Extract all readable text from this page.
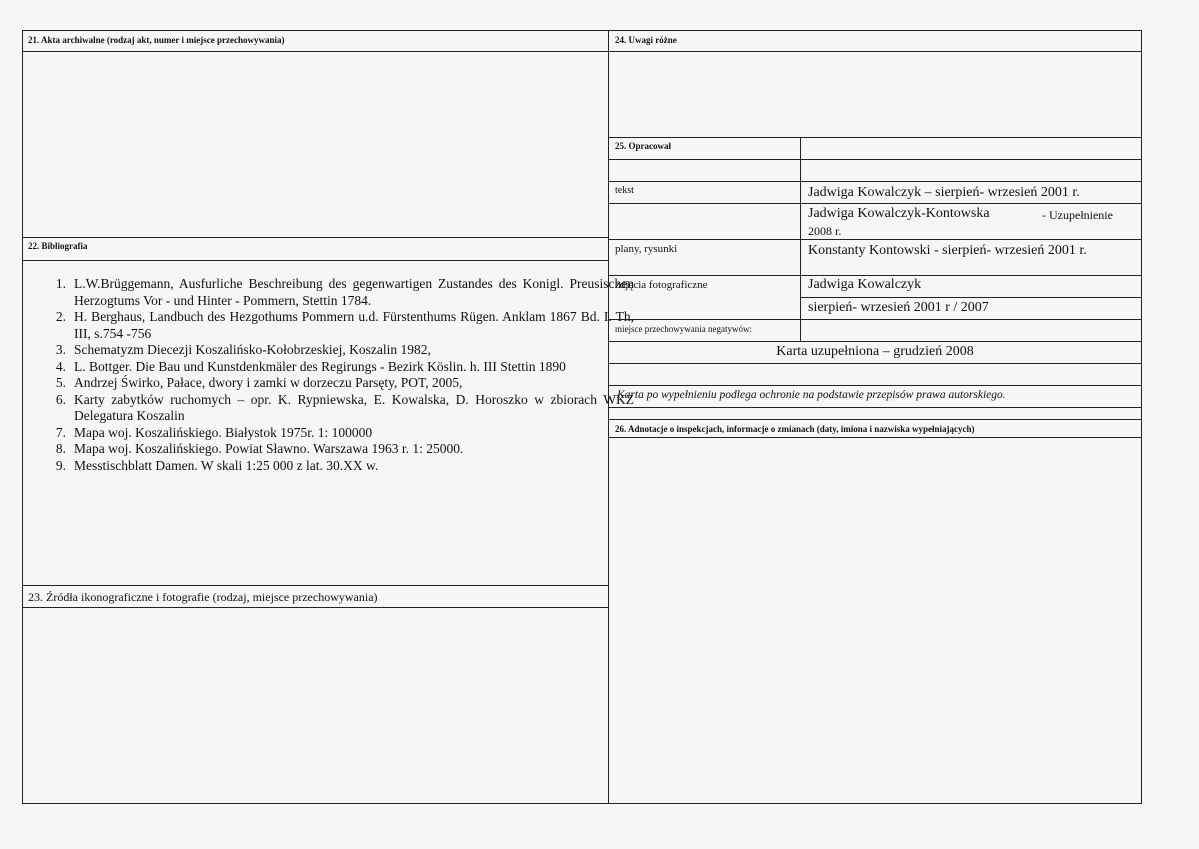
21. Akta archiwalne (rodzaj akt, numer i miejsce przechowywania)
22. Bibliografia
1. L.W.Brüggemann, Ausfurliche Beschreibung des gegenwartigen Zustandes des Konigl. Preusischen Herzogtums Vor - und Hinter - Pommern, Stettin 1784.
2. H. Berghaus, Landbuch des Hezgothums Pommern u.d. Fürstenthums Rügen. Anklam 1867 Bd. I. Th, III, s.754 -756
3. Schematyzm Diecezji Koszalińsko-Kołobrzeskiej, Koszalin 1982,
4. L. Bottger. Die Bau und Kunstdenkmäler des Regirungs - Bezirk Köslin. h. III Stettin 1890
5. Andrzej Świrko, Pałace, dwory i zamki w dorzeczu Parsęty, POT, 2005,
6. Karty zabytków ruchomych – opr. K. Rypniewska, E. Kowalska, D. Horoszko w zbiorach WKZ Delegatura Koszalin
7. Mapa woj. Koszalińskiego. Białystok 1975r. 1: 100000
8. Mapa woj. Koszalińskiego. Powiat Sławno. Warszawa 1963 r. 1: 25000.
9. Messtischblatt Damen. W skali 1:25 000 z lat. 30.XX w.
23. Źródła ikonograficzne i fotografie (rodzaj, miejsce przechowywania)
24. Uwagi różne
25. Opracował
tekst	Jadwiga Kowalczyk – sierpień- wrzesień 2001 r.
Jadwiga Kowalczyk-Kontowska	- Uzupełnienie
2008 r.
plany, rysunki	Konstanty Kontowski - sierpień- wrzesień 2001 r.
zdjęcia fotograficzne	Jadwiga Kowalczyk
sierpień- wrzesień 2001 r / 2007
miejsce przechowywania negatywów:
Karta uzupełniona – grudzień 2008
Karta po wypełnieniu podlega ochronie na podstawie przepisów prawa autorskiego.
26. Adnotacje o inspekcjach, informacje o zmianach (daty, imiona i nazwiska wypełniających)
